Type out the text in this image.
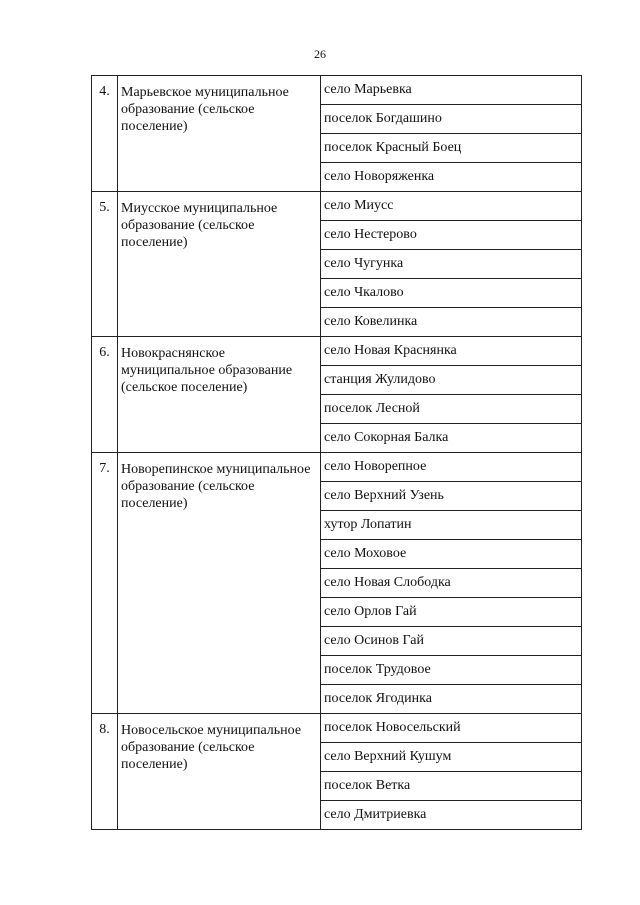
26
4.	Марьевское муниципальное образование (сельское поселение)	село Марьевка
		поселок Богдашино
		поселок Красный Боец
		село Новоряженка
5.	Миусское муниципальное образование (сельское поселение)	село Миусс
		село Нестерово
		село Чугунка
		село Чкалово
		село Ковелинка
6.	Новокраснянское муниципальное образование (сельское поселение)	село Новая Краснянка
		станция Жулидово
		поселок Лесной
		село Сокорная Балка
7.	Новорепинское муниципальное образование (сельское поселение)	село Новорепное
		село Верхний Узень
		хутор Лопатин
		село Моховое
		село Новая Слободка
		село Орлов Гай
		село Осинов Гай
		поселок Трудовое
		поселок Ягодинка
8.	Новосельское муниципальное образование (сельское поселение)	поселок Новосельский
		село Верхний Кушум
		поселок Ветка
		село Дмитриевка
